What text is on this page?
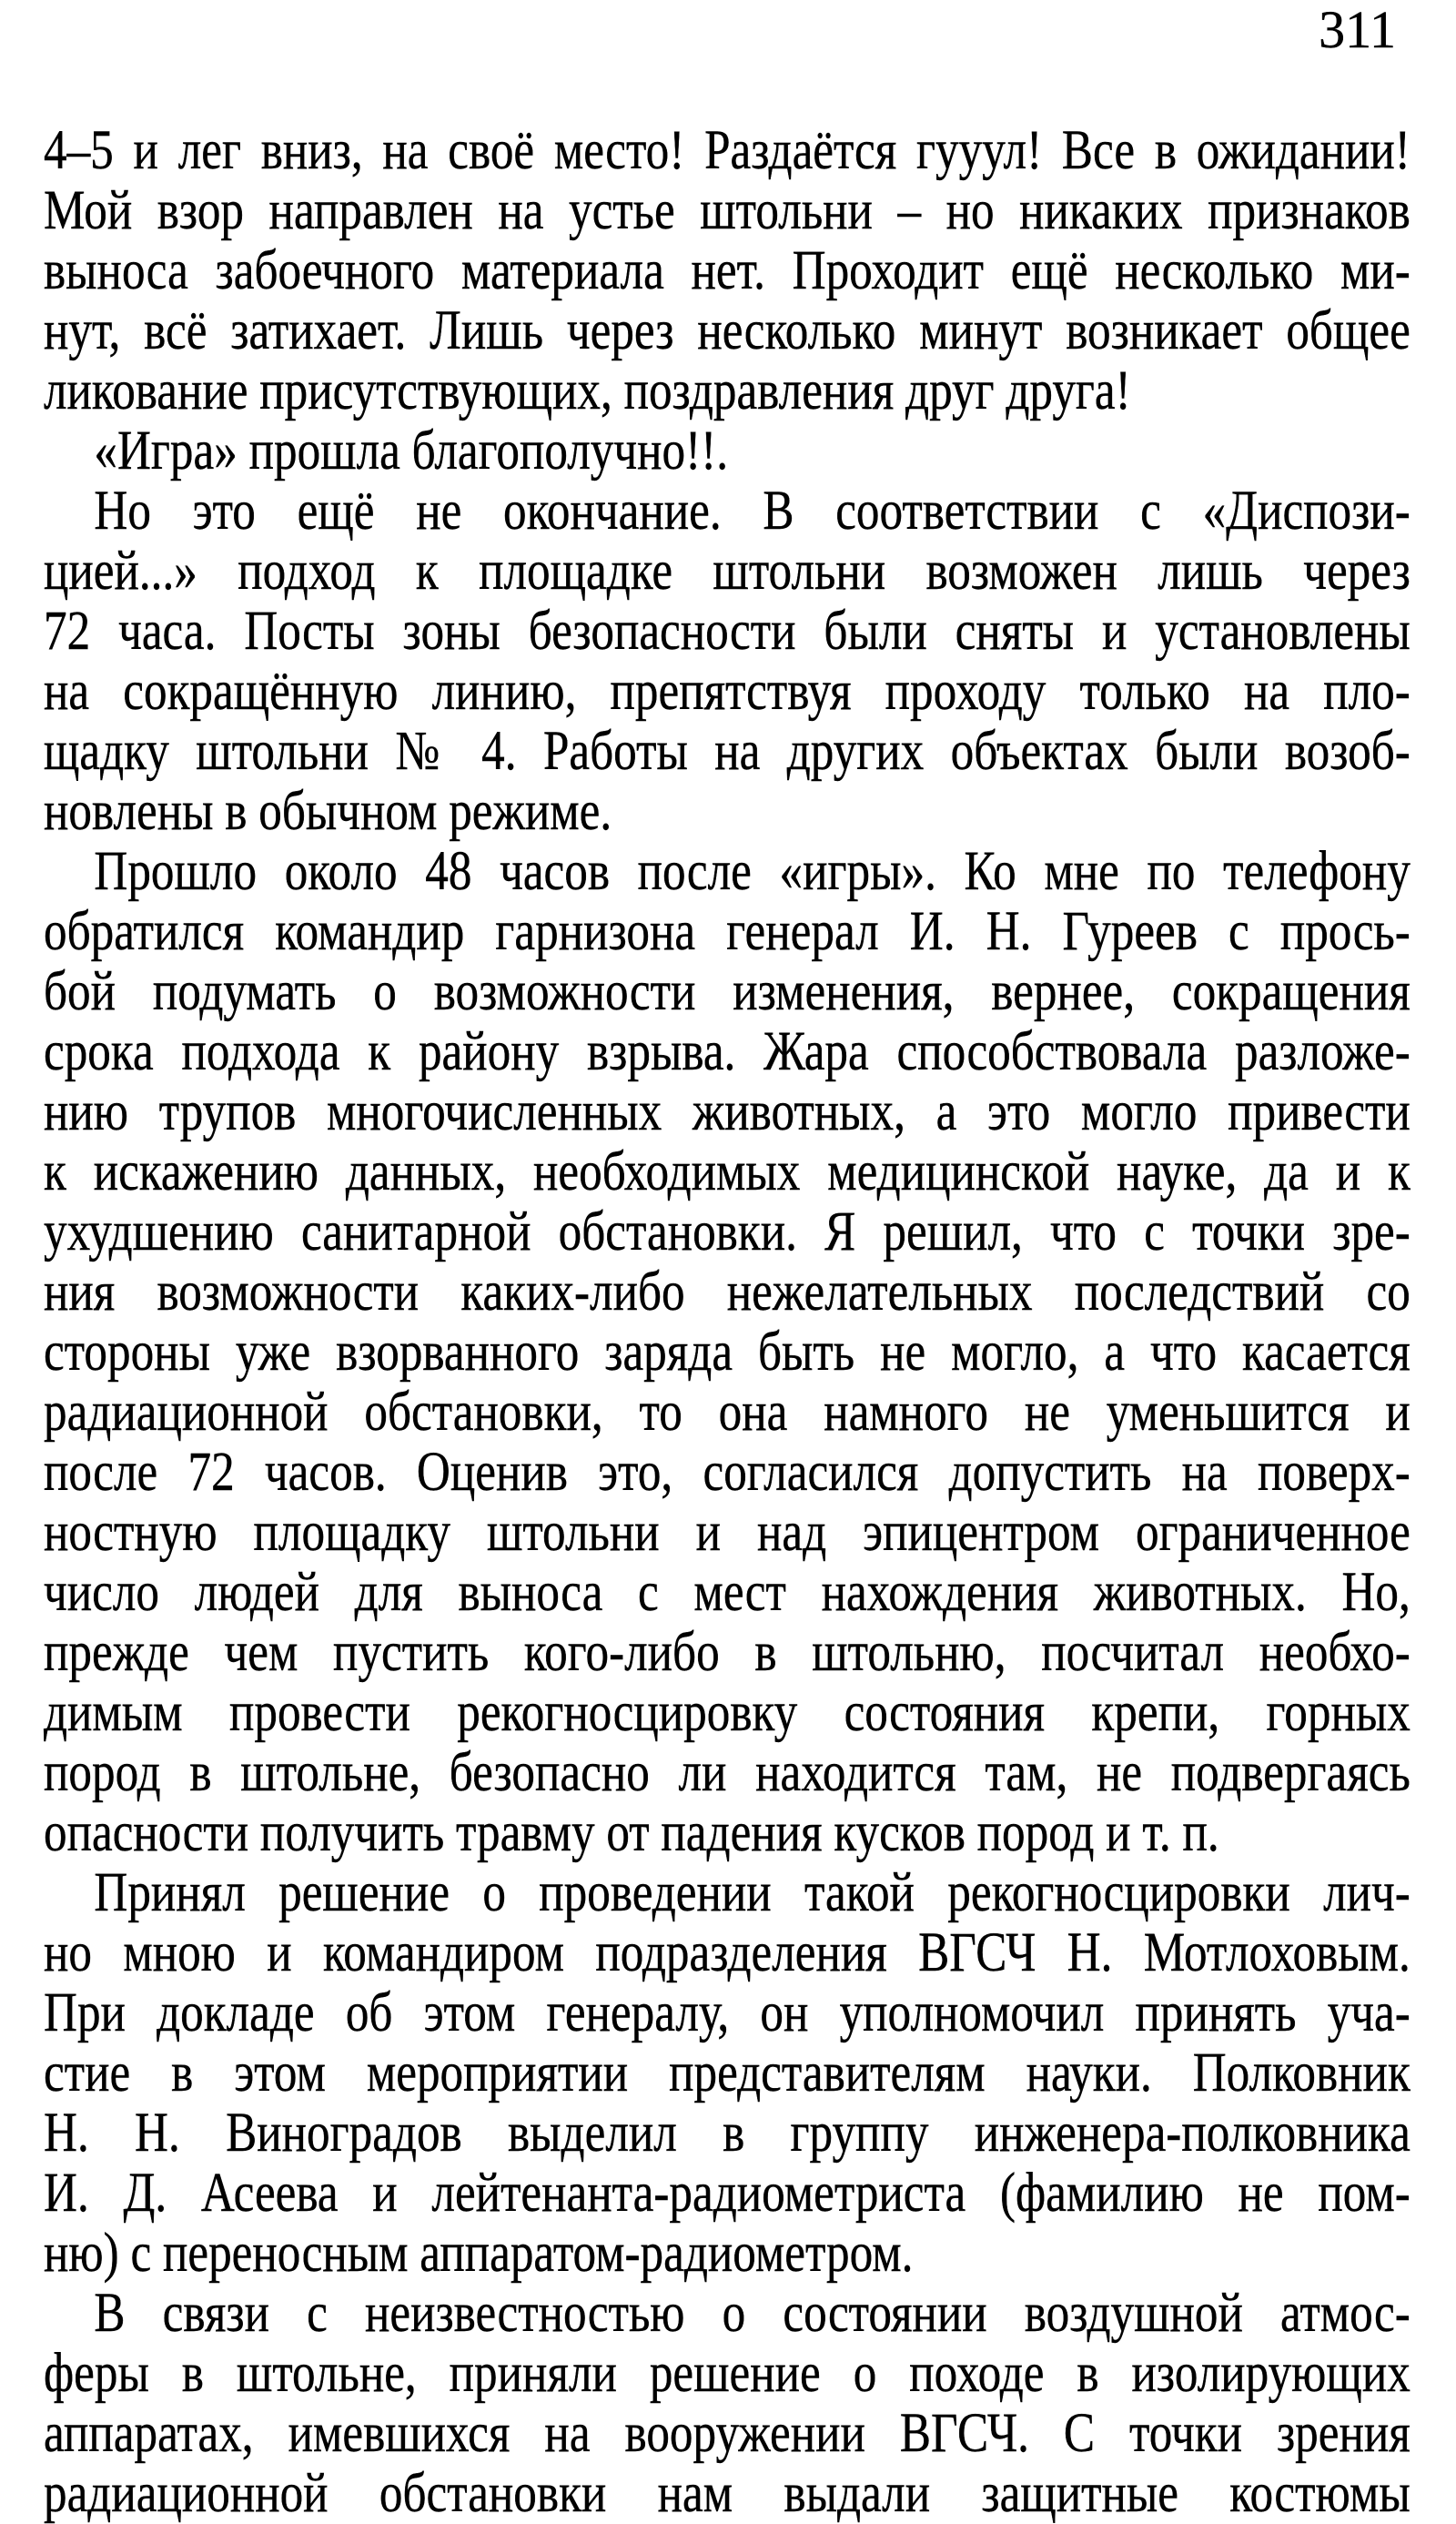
311
4–5 и лег вниз, на своё место! Раздаётся гууул! Все в ожидании!
Мой взор направлен на устье штольни – но никаких признаков
выноса забоечного материала нет. Проходит ещё несколько ми-
нут, всё затихает. Лишь через несколько минут возникает общее
ликование присутствующих, поздравления друг друга!
«Игра» прошла благополучно!!.
Но это ещё не окончание. В соответствии с «Диспози-
цией...» подход к площадке штольни возможен лишь через
72 часа. Посты зоны безопасности были сняты и установлены
на сокращённую линию, препятствуя проходу только на пло-
щадку штольни № 4. Работы на других объектах были возоб-
новлены в обычном режиме.
Прошло около 48 часов после «игры». Ко мне по телефону
обратился командир гарнизона генерал И. Н. Гуреев с прось-
бой подумать о возможности изменения, вернее, сокращения
срока подхода к району взрыва. Жара способствовала разложе-
нию трупов многочисленных животных, а это могло привести
к искажению данных, необходимых медицинской науке, да и к
ухудшению санитарной обстановки. Я решил, что с точки зре-
ния возможности каких-либо нежелательных последствий со
стороны уже взорванного заряда быть не могло, а что касается
радиационной обстановки, то она намного не уменьшится и
после 72 часов. Оценив это, согласился допустить на поверх-
ностную площадку штольни и над эпицентром ограниченное
число людей для выноса с мест нахождения животных. Но,
прежде чем пустить кого-либо в штольню, посчитал необхо-
димым провести рекогносцировку состояния крепи, горных
пород в штольне, безопасно ли находится там, не подвергаясь
опасности получить травму от падения кусков пород и т. п.
Принял решение о проведении такой рекогносцировки лич-
но мною и командиром подразделения ВГСЧ Н. Мотлоховым.
При докладе об этом генералу, он уполномочил принять уча-
стие в этом мероприятии представителям науки. Полковник
Н. Н. Виноградов выделил в группу инженера-полковника
И. Д. Асеева и лейтенанта-радиометриста (фамилию не пом-
ню) с переносным аппаратом-радиометром.
В связи с неизвестностью о состоянии воздушной атмос-
феры в штольне, приняли решение о походе в изолирующих
аппаратах, имевшихся на вооружении ВГСЧ. С точки зрения
радиационной обстановки нам выдали защитные костюмы
